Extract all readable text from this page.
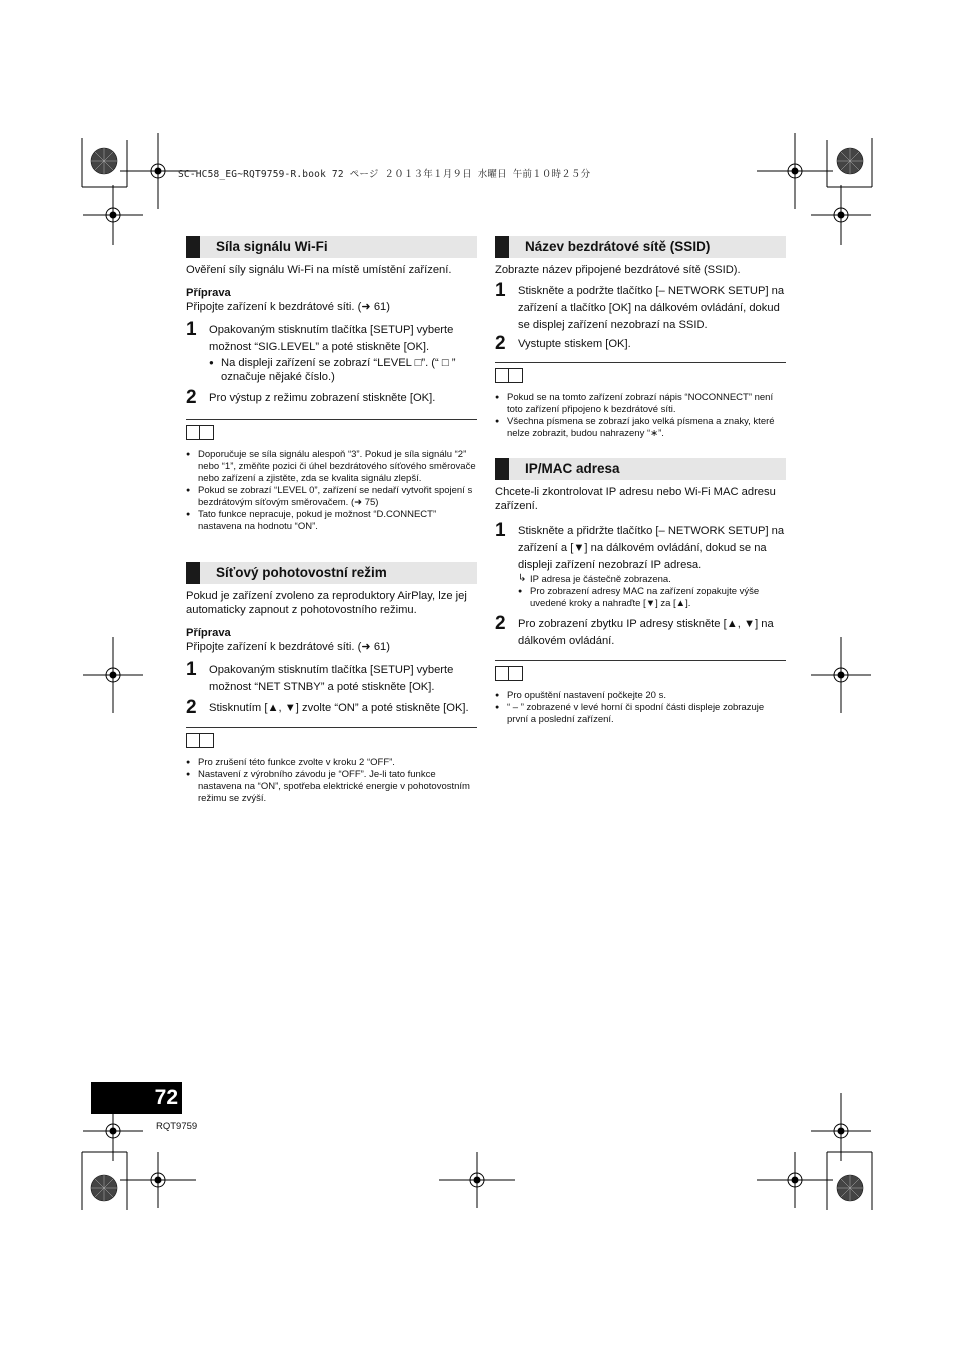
SC-HC58_EG~RQT9759-R.book 72 ページ ２０１３年１月９日 水曜日 午前１０時２５分
Síla signálu Wi-Fi

Ověření síly signálu Wi-Fi na místě umístění zařízení.

Příprava

Připojte zařízení k bezdrátové síti. (➜ 61)

1 Opakovaným stisknutím tlačítka [SETUP] vyberte možnost “SIG.LEVEL” a poté stiskněte [OK].
● Na displeji zařízení se zobrazí “LEVEL □”. (“ □ ” označuje nějaké číslo.)
2 Pro výstup z režimu zobrazení stiskněte [OK].
● Doporučuje se síla signálu alespoň “3”. Pokud je síla signálu “2” nebo “1”, změňte pozici či úhel bezdrátového síťového směrovače nebo zařízení a zjistěte, zda se kvalita signálu zlepší.
● Pokud se zobrazí “LEVEL 0”, zařízení se nedaří vytvořit spojení s bezdrátovým síťovým směrovačem. (➜ 75)
● Tato funkce nepracuje, pokud je možnost “D.CONNECT” nastavena na hodnotu “ON”.
Síťový pohotovostní režim

Pokud je zařízení zvoleno za reproduktory AirPlay, lze jej automaticky zapnout z pohotovostního režimu.

Příprava

Připojte zařízení k bezdrátové síti. (➜ 61)

1 Opakovaným stisknutím tlačítka [SETUP] vyberte možnost “NET STNBY” a poté stiskněte [OK].
2 Stisknutím [▲, ▼] zvolte “ON” a poté stiskněte [OK].
● Pro zrušení této funkce zvolte v kroku 2 “OFF”.
● Nastavení z výrobního závodu je “OFF”. Je-li tato funkce nastavena na “ON”, spotřeba elektrické energie v pohotovostním režimu se zvýší.
Název bezdrátové sítě (SSID)

Zobrazte název připojené bezdrátové sítě (SSID).

1 Stiskněte a podržte tlačítko [– NETWORK SETUP] na zařízení a tlačítko [OK] na dálkovém ovládání, dokud se displej zařízení nezobrazí na SSID.
2 Vystupte stiskem [OK].
● Pokud se na tomto zařízení zobrazí nápis “NOCONNECT” není toto zařízení připojeno k bezdrátové síti.
● Všechna písmena se zobrazí jako velká písmena a znaky, které nelze zobrazit, budou nahrazeny “∗”.
IP/MAC adresa

Chcete-li zkontrolovat IP adresu nebo Wi-Fi MAC adresu zařízení.

1 Stiskněte a přidržte tlačítko [– NETWORK SETUP] na zařízení a [▼] na dálkovém ovládání, dokud se na displeji zařízení nezobrazí IP adresa.
↳ IP adresa je částečně zobrazena.
● Pro zobrazení adresy MAC na zařízení zopakujte výše uvedené kroky a nahraďte [▼] za [▲].
2 Pro zobrazení zbytku IP adresy stiskněte [▲, ▼] na dálkovém ovládání.
● Pro opuštění nastavení počkejte 20 s.
● “ – ” zobrazené v levé horní či spodní části displeje zobrazuje první a poslední zařízení.
72
RQT9759
